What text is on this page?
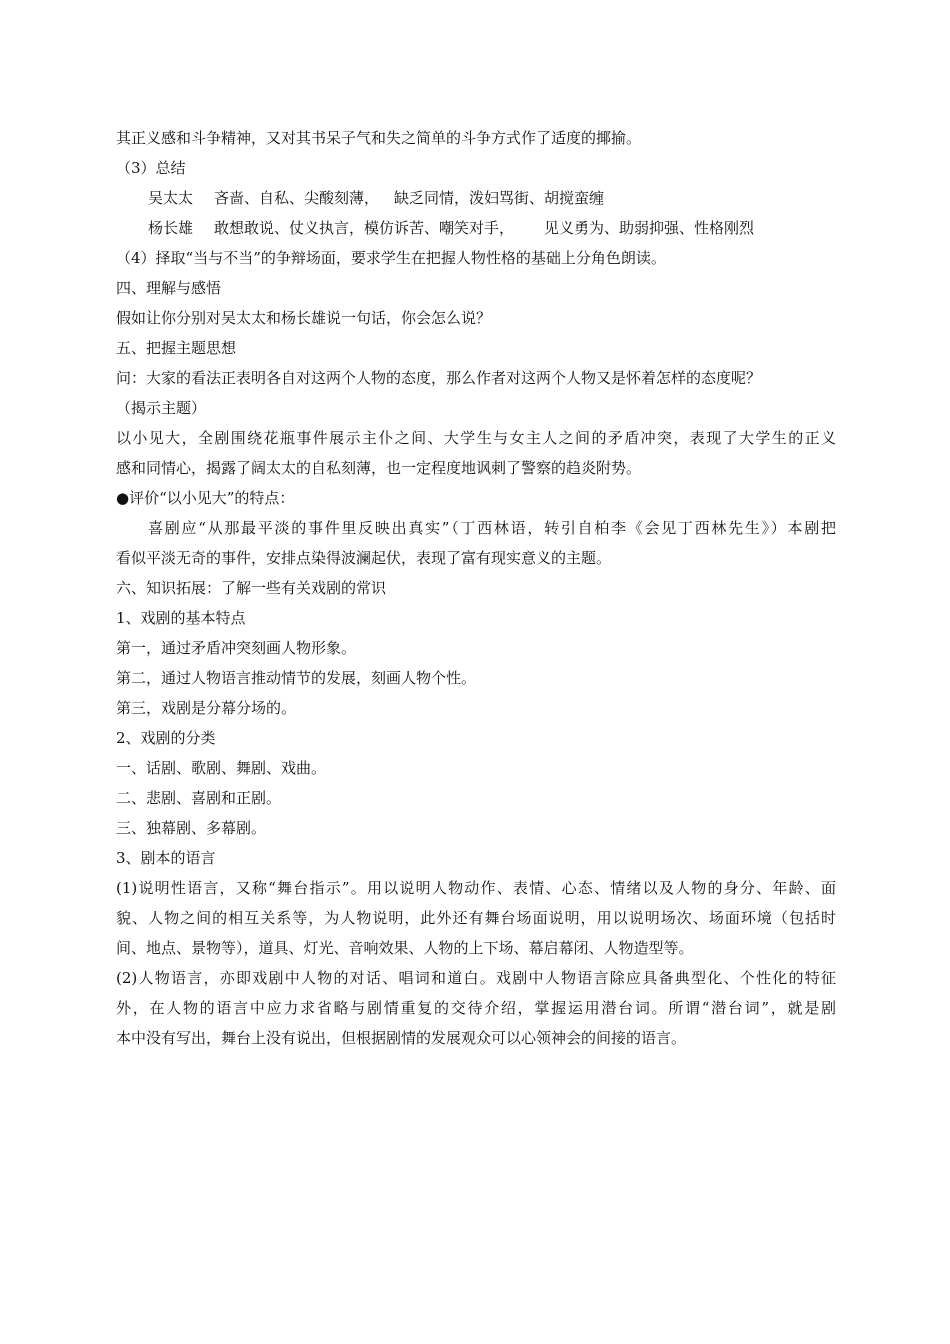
其正义感和斗争精神，又对其书呆子气和失之简单的斗争方式作了适度的揶揄。
（3）总结
吴太太	吝啬、自私、尖酸刻薄， 缺乏同情，泼妇骂街、胡搅蛮缠
杨长雄	敢想敢说、仗义执言，模仿诉苦、嘲笑对手，	见义勇为、助弱抑强、性格刚烈
（4）择取“当与不当”的争辩场面，要求学生在把握人物性格的基础上分角色朗读。
四、理解与感悟
假如让你分别对吴太太和杨长雄说一句话，你会怎么说？
五、把握主题思想
问：大家的看法正表明各自对这两个人物的态度，那么作者对这两个人物又是怀着怎样的态度呢？
（揭示主题）
以小见大，全剧围绕花瓶事件展示主仆之间、大学生与女主人之间的矛盾冲突，表现了大学生的正义
感和同情心，揭露了阔太太的自私刻薄，也一定程度地讽刺了警察的趋炎附势。
●评价“以小见大”的特点：
喜剧应“从那最平淡的事件里反映出真实”（丁西林语，转引自柏李《会见丁西林先生》）本剧把
看似平淡无奇的事件，安排点染得波澜起伏，表现了富有现实意义的主题。
六、知识拓展：了解一些有关戏剧的常识
1、戏剧的基本特点
第一，通过矛盾冲突刻画人物形象。
第二，通过人物语言推动情节的发展，刻画人物个性。
第三，戏剧是分幕分场的。
2、戏剧的分类
一、话剧、歌剧、舞剧、戏曲。
二、悲剧、喜剧和正剧。
三、独幕剧、多幕剧。
3、剧本的语言
(1)说明性语言，又称“舞台指示”。用以说明人物动作、表情、心态、情绪以及人物的身分、年龄、面
貌、人物之间的相互关系等，为人物说明，此外还有舞台场面说明，用以说明场次、场面环境（包括时
间、地点、景物等），道具、灯光、音响效果、人物的上下场、幕启幕闭、人物造型等。
(2)人物语言，亦即戏剧中人物的对话、唱词和道白。戏剧中人物语言除应具备典型化、个性化的特征
外，在人物的语言中应力求省略与剧情重复的交待介绍，掌握运用潜台词。所谓“潜台词”，就是剧
本中没有写出，舞台上没有说出，但根据剧情的发展观众可以心领神会的间接的语言。
